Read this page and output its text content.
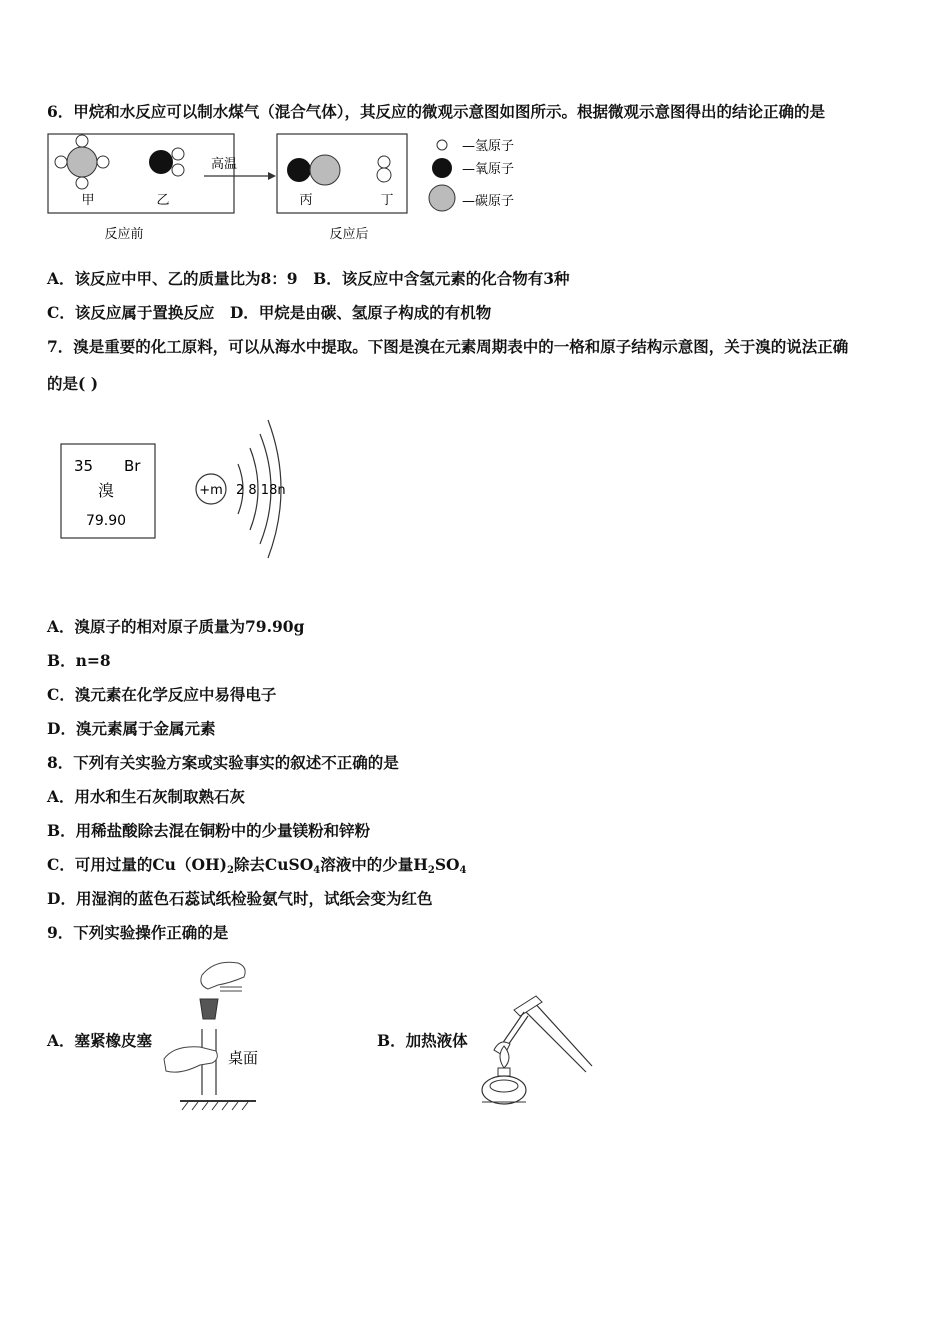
6．甲烷和水反应可以制水煤气（混合气体），其反应的微观示意图如图所示。根据微观示意图得出的结论正确的是
甲	乙
反应前
高温
丙	丁
反应后
—氢原子
—氧原子
—碳原子
A．该反应中甲、乙的质量比为8：9　B．该反应中含氢元素的化合物有3种
C．该反应属于置换反应　D．甲烷是由碳、氢原子构成的有机物
7．溴是重要的化工原料，可以从海水中提取。下图是溴在元素周期表中的一格和原子结构示意图，关于溴的说法正确
的是( )
35 Br
溴
79.90
+m 2 8 18n
A．溴原子的相对原子质量为79.90g
B．n=8
C．溴元素在化学反应中易得电子
D．溴元素属于金属元素
8．下列有关实验方案或实验事实的叙述不正确的是
A．用水和生石灰制取熟石灰
B．用稀盐酸除去混在铜粉中的少量镁粉和锌粉
C．可用过量的$Cu(OH)_2$除去CuSO$_4$溶液中的少量$H_2SO_4$
D．用湿润的蓝色石蕊试纸检验氨气时，试纸会变为红色
9．下列实验操作正确的是
A．塞紧橡皮塞
桌面
B．加热液体
